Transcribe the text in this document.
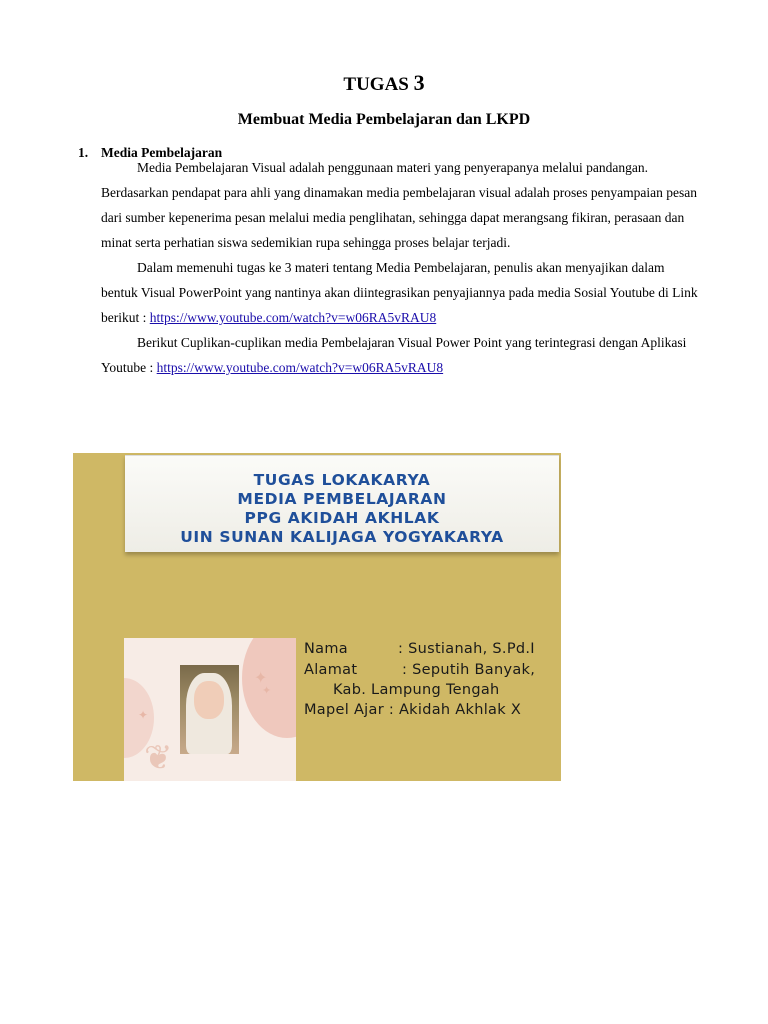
TUGAS 3
Membuat Media Pembelajaran dan LKPD
1. Media Pembelajaran

Media Pembelajaran Visual adalah penggunaan materi yang penyerapanya melalui pandangan. Berdasarkan pendapat para ahli yang dinamakan media pembelajaran visual adalah proses penyampaian pesan dari sumber kepenerima pesan melalui media penglihatan, sehingga dapat merangsang fikiran, perasaan dan minat serta perhatian siswa sedemikian rupa sehingga proses belajar terjadi.

Dalam memenuhi tugas ke 3 materi tentang Media Pembelajaran, penulis akan menyajikan dalam bentuk Visual PowerPoint yang nantinya akan diintegrasikan penyajiannya pada media Sosial Youtube di Link berikut : https://www.youtube.com/watch?v=w06RA5vRAU8

Berikut Cuplikan-cuplikan media Pembelajaran Visual Power Point yang terintegrasi dengan Aplikasi Youtube : https://www.youtube.com/watch?v=w06RA5vRAU8

TUGAS LOKAKARYA
MEDIA PEMBELAJARAN
PPG AKIDAH AKHLAK
UIN SUNAN KALIJAGA YOGYAKARYA
✦
✦
✦
❦
Nama	: Sustianah, S.Pd.I
Alamat	: Seputih Banyak,
Kab. Lampung Tengah
Mapel Ajar : Akidah Akhlak X
